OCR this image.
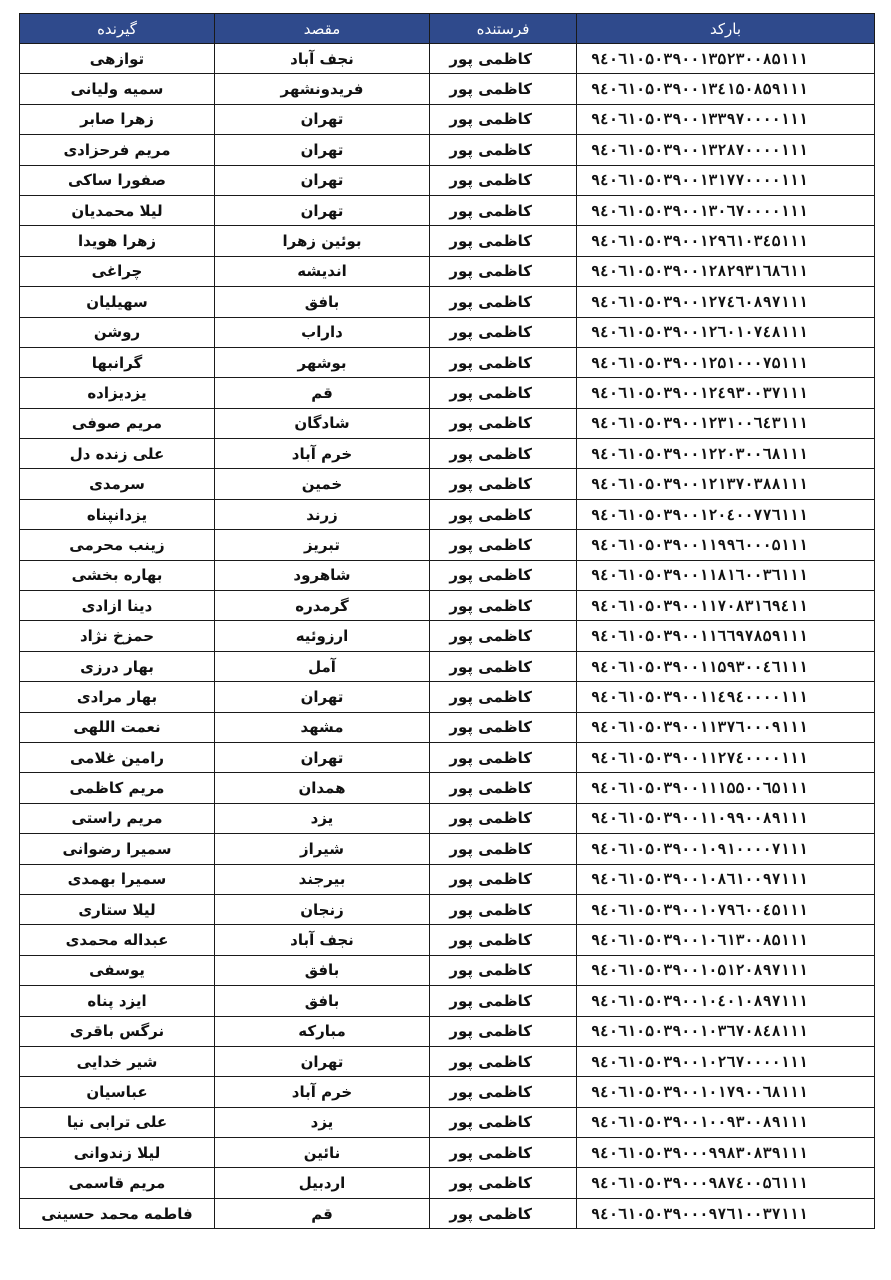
گیرنده	مقصد	فرستنده	بارکد
توازهی	نجف آباد	کاظمی پور	۹٤۰٦۱۰۵۰۳۹۰۰۱۳۵۲۳۰۰۸۵۱۱۱
سمیه ولیانی	فریدونشهر	کاظمی پور	۹٤۰٦۱۰۵۰۳۹۰۰۱۳٤۱۵۰۸۵۹۱۱۱
زهرا صابر	تهران	کاظمی پور	۹٤۰٦۱۰۵۰۳۹۰۰۱۳۳۹۷۰۰۰۰۱۱۱
مریم فرحزادی	تهران	کاظمی پور	۹٤۰٦۱۰۵۰۳۹۰۰۱۳۲۸۷۰۰۰۰۱۱۱
صفورا ساکی	تهران	کاظمی پور	۹٤۰٦۱۰۵۰۳۹۰۰۱۳۱۷۷۰۰۰۰۱۱۱
لیلا محمدیان	تهران	کاظمی پور	۹٤۰٦۱۰۵۰۳۹۰۰۱۳۰٦۷۰۰۰۰۱۱۱
زهرا هویدا	بوئین زهرا	کاظمی پور	۹٤۰٦۱۰۵۰۳۹۰۰۱۲۹٦۱۰۳٤۵۱۱۱
چراغی	اندیشه	کاظمی پور	۹٤۰٦۱۰۵۰۳۹۰۰۱۲۸۲۹۳۱٦۸٦۱۱
سهیلیان	بافق	کاظمی پور	۹٤۰٦۱۰۵۰۳۹۰۰۱۲۷٤٦۰۸۹۷۱۱۱
روشن	داراب	کاظمی پور	۹٤۰٦۱۰۵۰۳۹۰۰۱۲٦۰۱۰۷٤۸۱۱۱
گرانبها	بوشهر	کاظمی پور	۹٤۰٦۱۰۵۰۳۹۰۰۱۲۵۱۰۰۰۷۵۱۱۱
یزدیزاده	قم	کاظمی پور	۹٤۰٦۱۰۵۰۳۹۰۰۱۲٤۹۳۰۰۳۷۱۱۱
مریم صوفی	شادگان	کاظمی پور	۹٤۰٦۱۰۵۰۳۹۰۰۱۲۳۱۰۰٦٤۳۱۱۱
علی زنده دل	خرم آباد	کاظمی پور	۹٤۰٦۱۰۵۰۳۹۰۰۱۲۲۰۳۰۰٦۸۱۱۱
سرمدی	خمین	کاظمی پور	۹٤۰٦۱۰۵۰۳۹۰۰۱۲۱۳۷۰۳۸۸۱۱۱
یزدانپناه	زرند	کاظمی پور	۹٤۰٦۱۰۵۰۳۹۰۰۱۲۰٤۰۰۷۷٦۱۱۱
زینب محرمی	تبریز	کاظمی پور	۹٤۰٦۱۰۵۰۳۹۰۰۱۱۹۹٦۰۰۰۵۱۱۱
بهاره بخشی	شاهرود	کاظمی پور	۹٤۰٦۱۰۵۰۳۹۰۰۱۱۸۱٦۰۰۳٦۱۱۱
دینا ازادی	گرمدره	کاظمی پور	۹٤۰٦۱۰۵۰۳۹۰۰۱۱۷۰۸۳۱٦۹٤۱۱
حمزخ نژاد	ارزوئیه	کاظمی پور	۹٤۰٦۱۰۵۰۳۹۰۰۱۱٦٦۹۷۸۵۹۱۱۱
بهار درزی	آمل	کاظمی پور	۹٤۰٦۱۰۵۰۳۹۰۰۱۱۵۹۳۰۰٤٦۱۱۱
بهار مرادی	تهران	کاظمی پور	۹٤۰٦۱۰۵۰۳۹۰۰۱۱٤۹٤۰۰۰۰۱۱۱
نعمت اللهی	مشهد	کاظمی پور	۹٤۰٦۱۰۵۰۳۹۰۰۱۱۳۷٦۰۰۰۹۱۱۱
رامین غلامی	تهران	کاظمی پور	۹٤۰٦۱۰۵۰۳۹۰۰۱۱۲۷٤۰۰۰۰۱۱۱
مریم کاظمی	همدان	کاظمی پور	۹٤۰٦۱۰۵۰۳۹۰۰۱۱۱۵۵۰۰٦۵۱۱۱
مریم راستی	یزد	کاظمی پور	۹٤۰٦۱۰۵۰۳۹۰۰۱۱۰۹۹۰۰۸۹۱۱۱
سمیرا رضوانی	شیراز	کاظمی پور	۹٤۰٦۱۰۵۰۳۹۰۰۱۰۹۱۰۰۰۰۷۱۱۱
سمیرا بهمدی	بیرجند	کاظمی پور	۹٤۰٦۱۰۵۰۳۹۰۰۱۰۸٦۱۰۰۹۷۱۱۱
لیلا ستاری	زنجان	کاظمی پور	۹٤۰٦۱۰۵۰۳۹۰۰۱۰۷۹٦۰۰٤۵۱۱۱
عبداله محمدی	نجف آباد	کاظمی پور	۹٤۰٦۱۰۵۰۳۹۰۰۱۰٦۱۳۰۰۸۵۱۱۱
یوسفی	بافق	کاظمی پور	۹٤۰٦۱۰۵۰۳۹۰۰۱۰۵۱۲۰۸۹۷۱۱۱
ایزد پناه	بافق	کاظمی پور	۹٤۰٦۱۰۵۰۳۹۰۰۱۰٤۰۱۰۸۹۷۱۱۱
نرگس باقری	مبارکه	کاظمی پور	۹٤۰٦۱۰۵۰۳۹۰۰۱۰۳٦۷۰۸٤۸۱۱۱
شیر خدایی	تهران	کاظمی پور	۹٤۰٦۱۰۵۰۳۹۰۰۱۰۲٦۷۰۰۰۰۱۱۱
عباسیان	خرم آباد	کاظمی پور	۹٤۰٦۱۰۵۰۳۹۰۰۱۰۱۷۹۰۰٦۸۱۱۱
علی ترابی نیا	یزد	کاظمی پور	۹٤۰٦۱۰۵۰۳۹۰۰۱۰۰۹۳۰۰۸۹۱۱۱
لیلا زندوانی	نائین	کاظمی پور	۹٤۰٦۱۰۵۰۳۹۰۰۰۹۹۸۳۰۸۳۹۱۱۱
مریم قاسمی	اردبیل	کاظمی پور	۹٤۰٦۱۰۵۰۳۹۰۰۰۹۸۷٤۰۰۵٦۱۱۱
فاطمه محمد حسینی	قم	کاظمی پور	۹٤۰٦۱۰۵۰۳۹۰۰۰۹۷٦۱۰۰۳۷۱۱۱
